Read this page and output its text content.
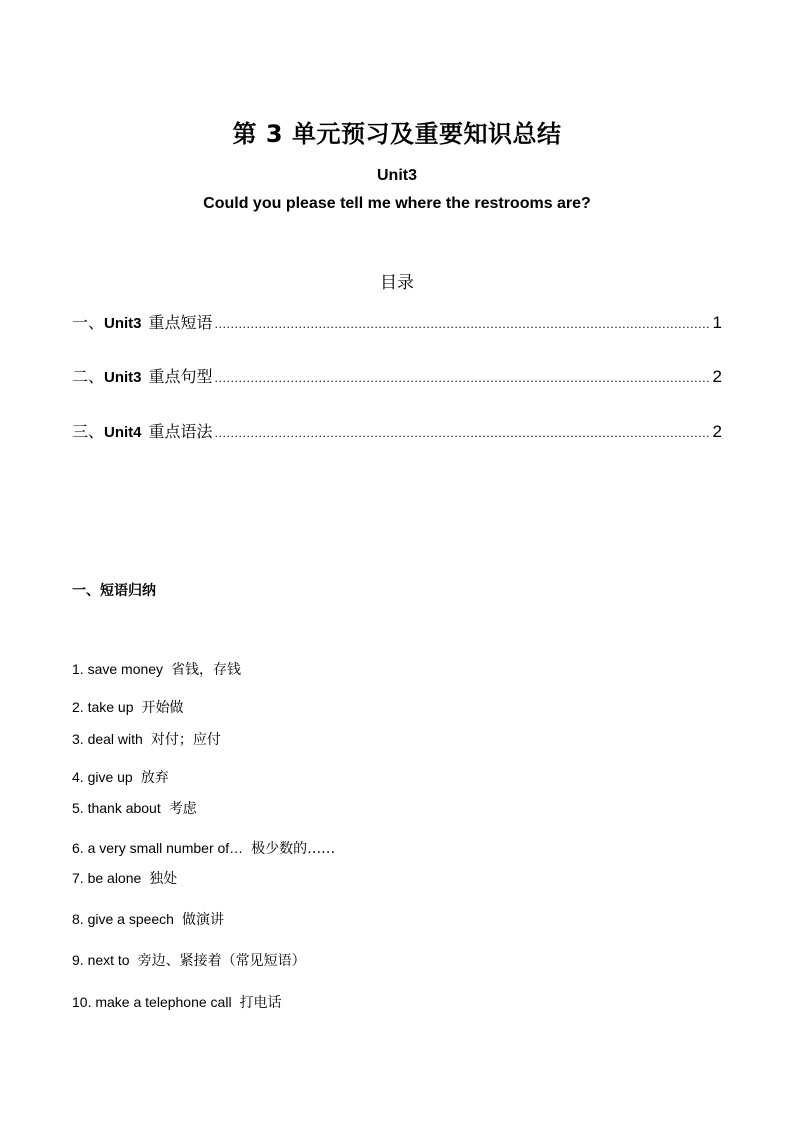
第 3 单元预习及重要知识总结
Unit3
Could you please tell me where the restrooms are?
目录
一、 Unit3 重点短语 .....	1
二、 Unit3 重点句型 .....	2
三、 Unit4 重点语法 .....	2
一、短语归纳
1. save money 省钱，存钱
2. take up 开始做
3. deal with 对付；应付
4. give up 放弃
5. thank about 考虑
6. a very small number of… 极少数的……
7. be alone 独处
8. give a speech 做演讲
9. next to 旁边、紧接着（常见短语）
10. make a telephone call 打电话
